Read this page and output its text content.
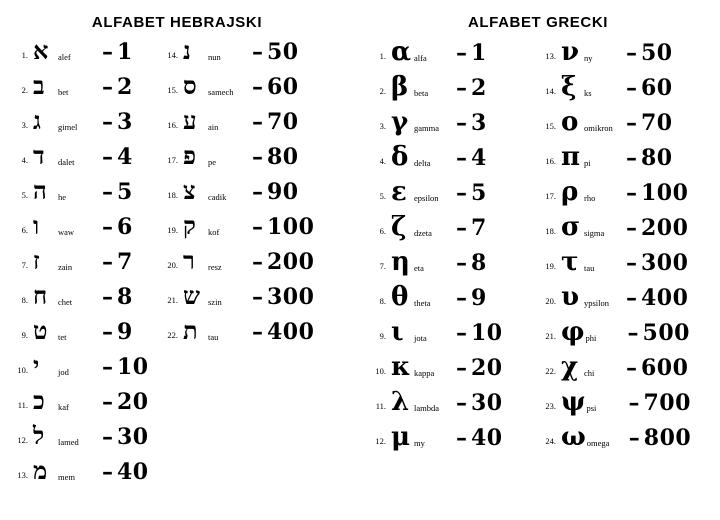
ALFABET HEBRAJSKI
1. א	alef	– 1
2. ב	bet	– 2
3. ג	gimel	– 3
4. ד	dalet	– 4
5. ה	he	– 5
6. ו	waw	– 6
7. ז	zain	– 7
8. ח	chet	– 8
9. ט	tet	– 9
10. י	jod	– 10
11. כ	kaf	– 20
12. ל	lamed	– 30
13. מ	mem	– 40
14. נ	nun	– 50
15. ס	samech – 60
16. ע	ain	– 70
17. פ	pe	– 80
18. צ	cadik	– 90
19. ק	kof	– 100
20. ר	resz	– 200
21. ש szin	– 300
22. ת	tau	– 400
ALFABET GRECKI
1. α alfa	– 1
2. β beta	– 2
3. γ gamma – 3
4. δ delta	– 4
5. ε epsilon – 5
6. ζ dzeta	– 7
7. η eta	– 8
8. θ theta	– 9
9. ι	jota	– 10
10. κ kappa – 20
11. λ lambda – 30
12. μ my	– 40
13. ν ny	– 50
14. ξ ks	– 60
15. ο omikron – 70
16. π pi	– 80
17. ρ rho	– 100
18. σ sigma – 200
19. τ tau	– 300
20. υ ypsilon – 400
21. φ phi	– 500
22. χ chi	– 600
23. ψ psi	– 700
24. ω omega – 800
